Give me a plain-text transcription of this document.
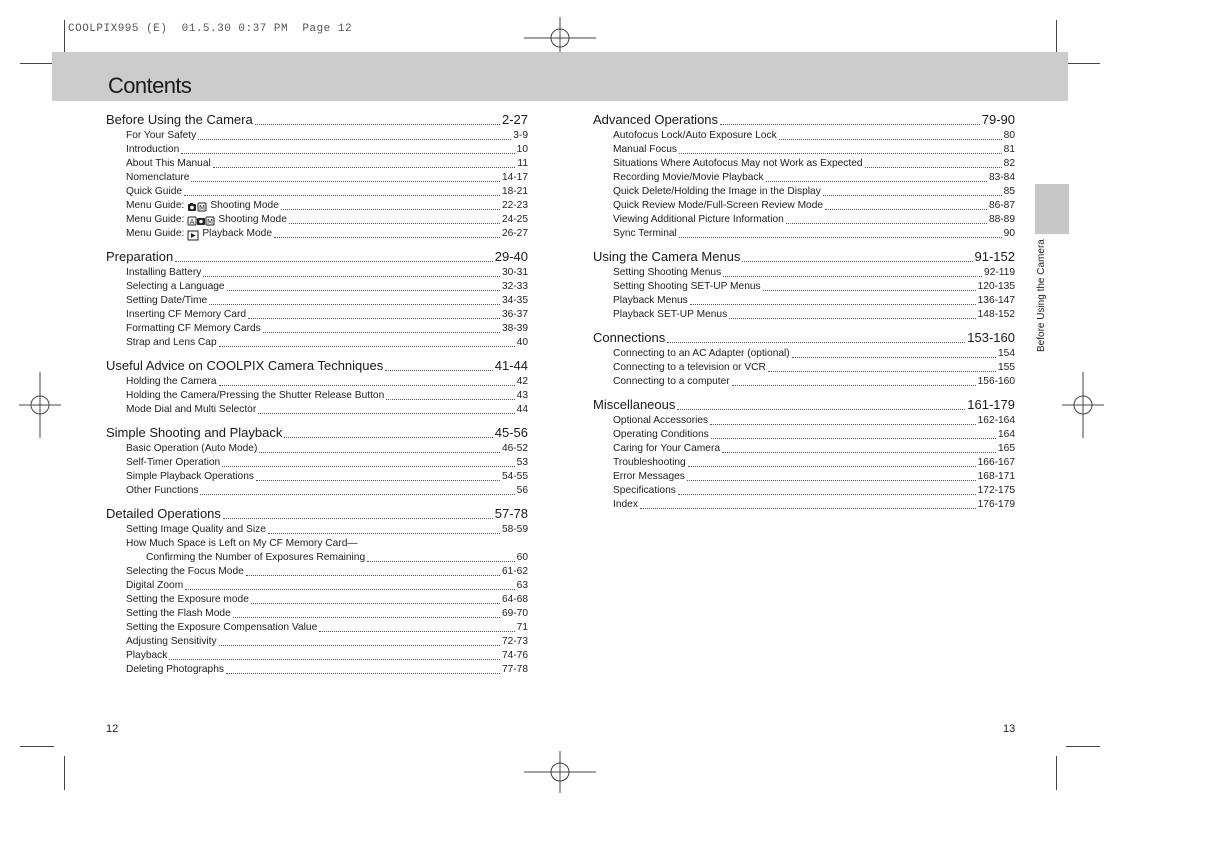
COOLPIX995 (E)  01.5.30 0:37 PM  Page 12
Contents
Before Using the Camera
Before Using the Camera	2-27
For Your Safety	3-9
Introduction	10
About This Manual	11
Nomenclature	14-17
Quick Guide	18-21
Menu Guide: M Shooting Mode	22-23
Menu Guide: A M Shooting Mode	24-25
Menu Guide: Playback Mode	26-27
Preparation	29-40
Installing Battery	30-31
Selecting a Language	32-33
Setting Date/Time	34-35
Inserting CF Memory Card	36-37
Formatting CF Memory Cards	38-39
Strap and Lens Cap	40
Useful Advice on COOLPIX Camera Techniques	41-44
Holding the Camera	42
Holding the Camera/Pressing the Shutter Release Button	43
Mode Dial and Multi Selector	44
Simple Shooting and Playback	45-56
Basic Operation (Auto Mode)	46-52
Self-Timer Operation	53
Simple Playback Operations	54-55
Other Functions	56
Detailed Operations	57-78
Setting Image Quality and Size	58-59
How Much Space is Left on My CF Memory Card—
Confirming the Number of Exposures Remaining	60
Selecting the Focus Mode	61-62
Digital Zoom	63
Setting the Exposure mode	64-68
Setting the Flash Mode	69-70
Setting the Exposure Compensation Value	71
Adjusting Sensitivity	72-73
Playback	74-76
Deleting Photographs	77-78
Advanced Operations	79-90
Autofocus Lock/Auto Exposure Lock	80
Manual Focus	81
Situations Where Autofocus May not Work as Expected	82
Recording Movie/Movie Playback	83-84
Quick Delete/Holding the Image in the Display	85
Quick Review Mode/Full-Screen Review Mode	86-87
Viewing Additional Picture Information	88-89
Sync Terminal	90
Using the Camera Menus	91-152
Setting Shooting Menus	92-119
Setting Shooting SET-UP Menus	120-135
Playback Menus	136-147
Playback SET-UP Menus	148-152
Connections	153-160
Connecting to an AC Adapter (optional)	154
Connecting to a television or VCR	155
Connecting to a computer	156-160
Miscellaneous	161-179
Optional Accessories	162-164
Operating Conditions	164
Caring for Your Camera	165
Troubleshooting	166-167
Error Messages	168-171
Specifications	172-175
Index	176-179
12	13
